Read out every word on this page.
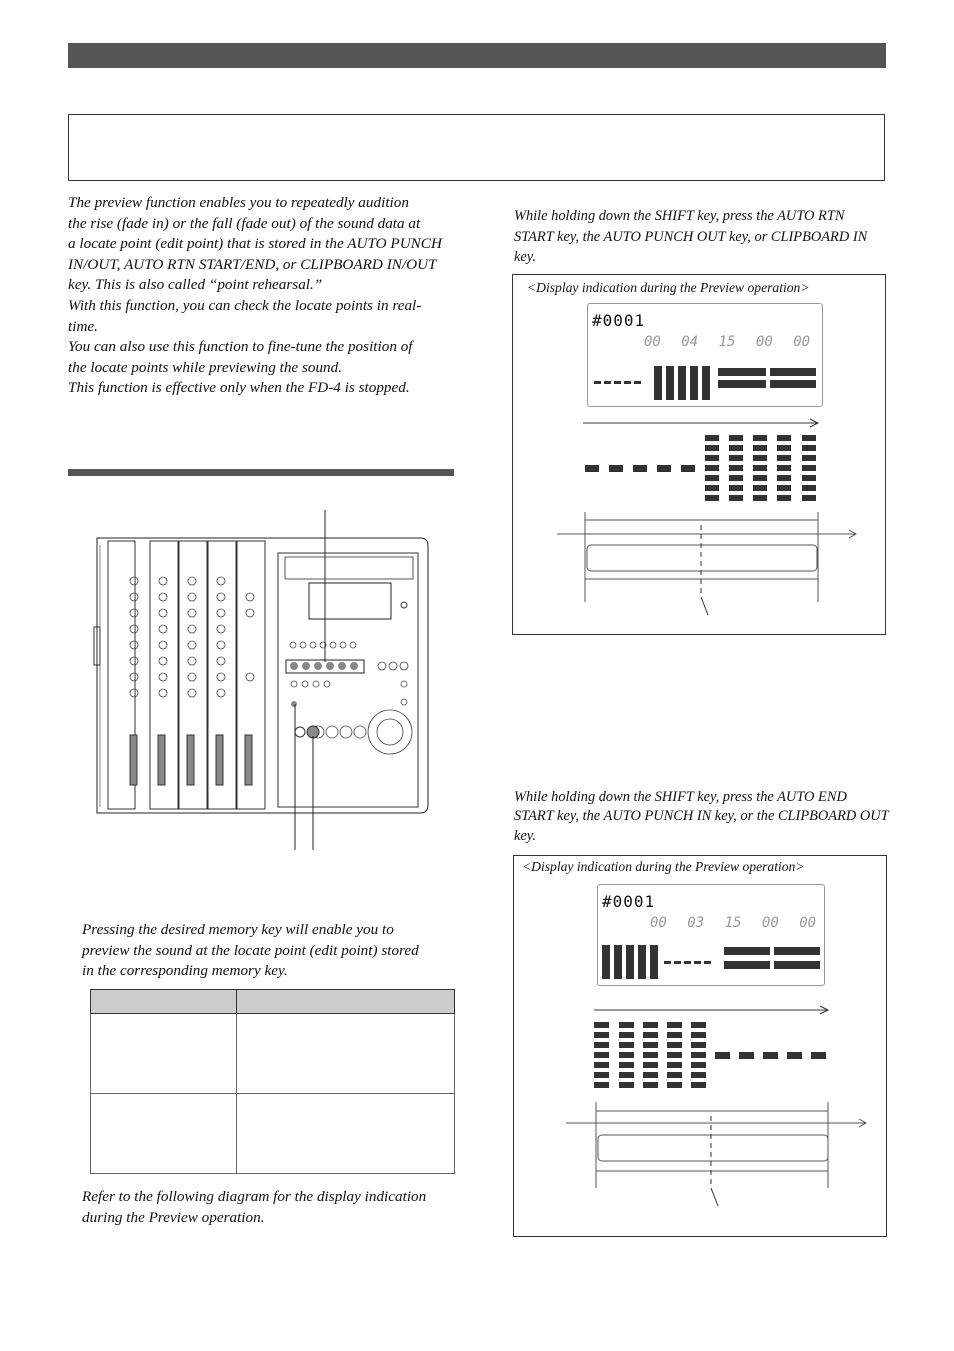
The preview function enables you to repeatedly audition

the rise (fade in) or the fall (fade out) of the sound data at

a locate point (edit point) that is stored in the AUTO PUNCH

IN/OUT, AUTO RTN START/END, or CLIPBOARD IN/OUT

key. This is also called “point rehearsal.”

With this function, you can check the locate points in real-

time.

You can also use this function to fine-tune the position of

the locate points while previewing the sound.

This function is effective only when the FD-4 is stopped.

Pressing the desired memory key will enable you to

preview the sound at the locate point (edit point) stored

in the corresponding memory key.

Refer to the following diagram for the display indication

during the Preview operation.

While holding down the SHIFT key, press the AUTO RTN

START key, the AUTO PUNCH OUT key, or CLIPBOARD IN

key.

<Display indication during the Preview operation>
#0001
00 04 15 00 00

While holding down the SHIFT key, press the AUTO END

START key, the AUTO PUNCH IN key, or the CLIPBOARD OUT

key.

<Display indication during the Preview operation>
#0001
00 03 15 00 00
